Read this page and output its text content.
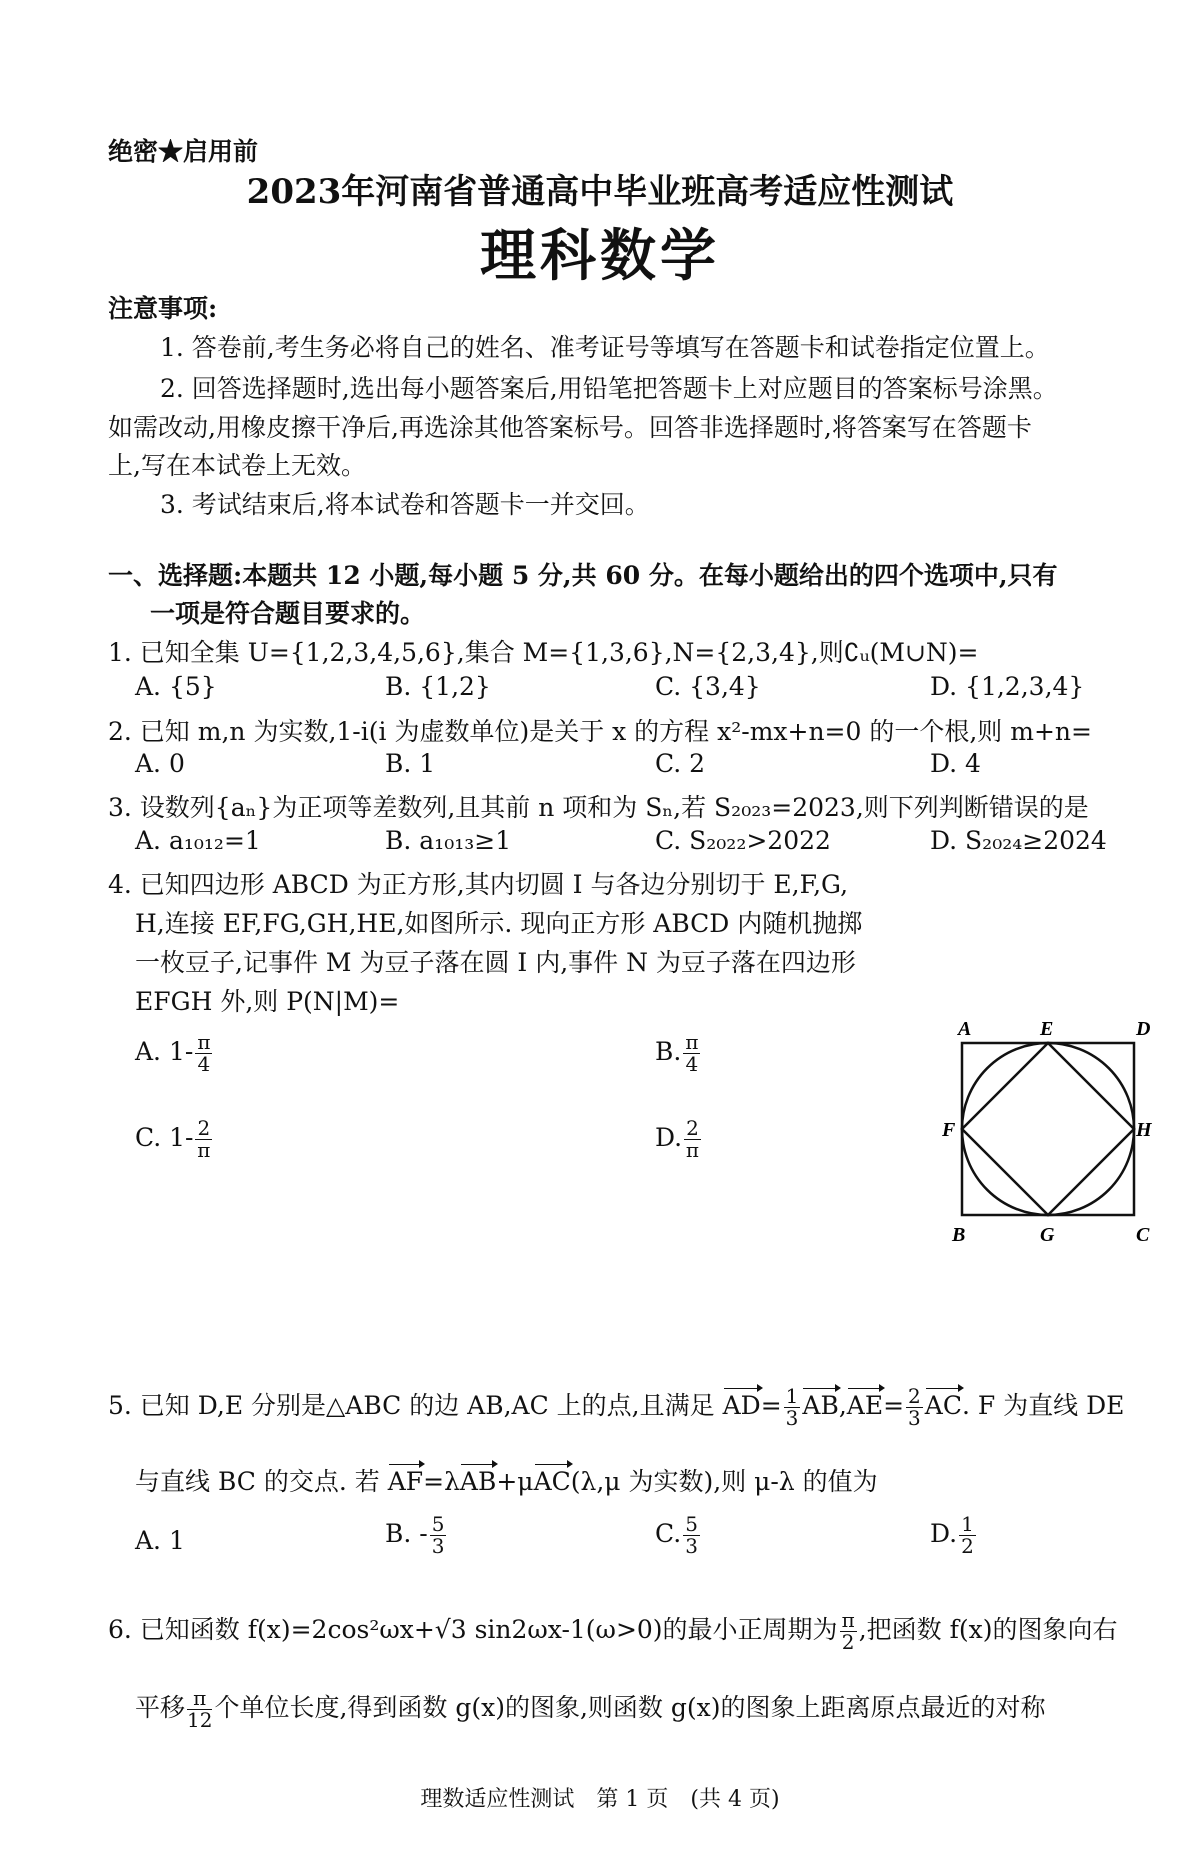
绝密★启用前
2023年河南省普通高中毕业班高考适应性测试
理科数学
注意事项:
1. 答卷前,考生务必将自己的姓名、准考证号等填写在答题卡和试卷指定位置上。
2. 回答选择题时,选出每小题答案后,用铅笔把答题卡上对应题目的答案标号涂黑。
如需改动,用橡皮擦干净后,再选涂其他答案标号。回答非选择题时,将答案写在答题卡
上,写在本试卷上无效。
3. 考试结束后,将本试卷和答题卡一并交回。
一、选择题:本题共 12 小题,每小题 5 分,共 60 分。在每小题给出的四个选项中,只有
一项是符合题目要求的。
1. 已知全集 U={1,2,3,4,5,6},集合 M={1,3,6},N={2,3,4},则∁ᵤ(M∪N)=
A. {5}	B. {1,2}	C. {3,4}	D. {1,2,3,4}
2. 已知 m,n 为实数,1-i(i 为虚数单位)是关于 x 的方程 x²-mx+n=0 的一个根,则 m+n=
A. 0	B. 1	C. 2	D. 4
3. 设数列{aₙ}为正项等差数列,且其前 n 项和为 Sₙ,若 S₂₀₂₃=2023,则下列判断错误的是
A. a₁₀₁₂=1	B. a₁₀₁₃≥1	C. S₂₀₂₂>2022	D. S₂₀₂₄≥2024
4. 已知四边形 ABCD 为正方形,其内切圆 I 与各边分别切于 E,F,G,
H,连接 EF,FG,GH,HE,如图所示. 现向正方形 ABCD 内随机抛掷
一枚豆子,记事件 M 为豆子落在圆 I 内,事件 N 为豆子落在四边形
EFGH 外,则 P(N|M)=
A. $1- \frac{\pi}{4}$	B. $\frac{\pi}{4}$
C. $1- \frac{2}{\pi}$	D. $\frac{2}{\pi}$
A	E	D
F	H
B	G	C
5. 已知 D,E 分别是△ABC 的边 AB,AC 上的点,且满足 $AD= \frac{1}{3} AB,AE= \frac{2}{3}$ AC. F 为直线 DE
与直线 BC 的交点. 若 AF=λAB+μAC(λ,μ 为实数),则 μ-λ 的值为
A. 1	B. - $\frac{5}{3}$	C. $\frac{5}{3}$	D. $\frac{1}{2}$
6. 已知函数 f(x)=2cos²ωx+√3 sin2ωx-1(ω>0)的最小正周期为 $\frac{\pi}{2}$ ,把函数 f(x)的图象向右
平移 $\frac{\pi}{12}$ 个单位长度,得到函数 g(x)的图象,则函数 g(x)的图象上距离原点最近的对称
理数适应性测试　第 1 页　(共 4 页)
